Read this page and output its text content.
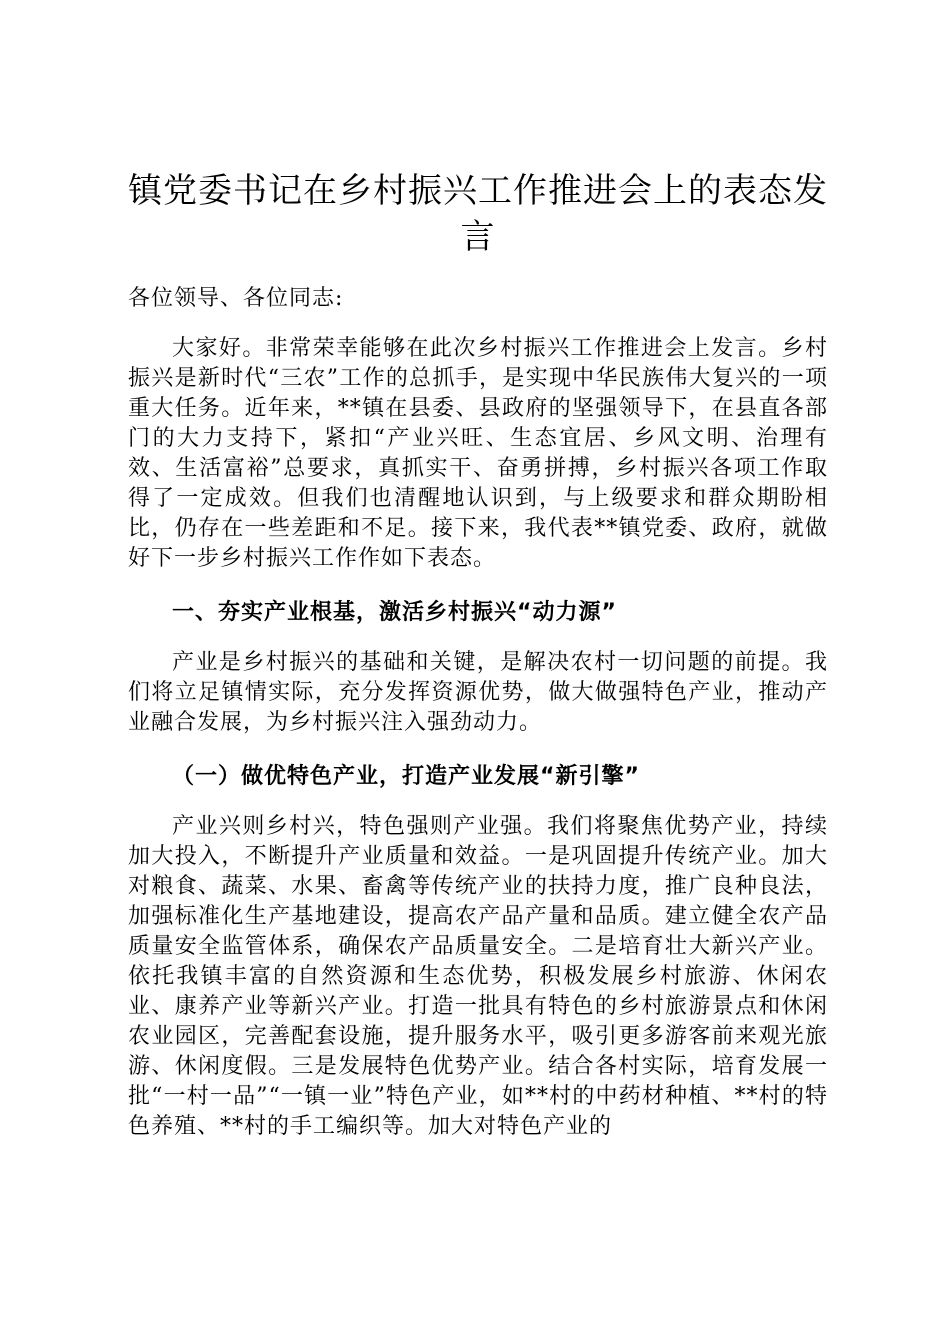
镇党委书记在乡村振兴工作推进会上的表态发言

各位领导、各位同志:

大家好。非常荣幸能够在此次乡村振兴工作推进会上发言。乡村振兴是新时代“三农”工作的总抓手，是实现中华民族伟大复兴的一项重大任务。近年来，**镇在县委、县政府的坚强领导下，在县直各部门的大力支持下，紧扣“产业兴旺、生态宜居、乡风文明、治理有效、生活富裕”总要求，真抓实干、奋勇拼搏，乡村振兴各项工作取得了一定成效。但我们也清醒地认识到，与上级要求和群众期盼相比，仍存在一些差距和不足。接下来，我代表**镇党委、政府，就做好下一步乡村振兴工作作如下表态。

一、夯实产业根基，激活乡村振兴“动力源”

产业是乡村振兴的基础和关键，是解决农村一切问题的前提。我们将立足镇情实际，充分发挥资源优势，做大做强特色产业，推动产业融合发展，为乡村振兴注入强劲动力。

（一）做优特色产业，打造产业发展“新引擎”

产业兴则乡村兴，特色强则产业强。我们将聚焦优势产业，持续加大投入，不断提升产业质量和效益。一是巩固提升传统产业。加大对粮食、蔬菜、水果、畜禽等传统产业的扶持力度，推广良种良法，加强标准化生产基地建设，提高农产品产量和品质。建立健全农产品质量安全监管体系，确保农产品质量安全。二是培育壮大新兴产业。依托我镇丰富的自然资源和生态优势，积极发展乡村旅游、休闲农业、康养产业等新兴产业。打造一批具有特色的乡村旅游景点和休闲农业园区，完善配套设施，提升服务水平，吸引更多游客前来观光旅游、休闲度假。三是发展特色优势产业。结合各村实际，培育发展一批“一村一品”“一镇一业”特色产业，如**村的中药材种植、**村的特色养殖、**村的手工编织等。加大对特色产业的
